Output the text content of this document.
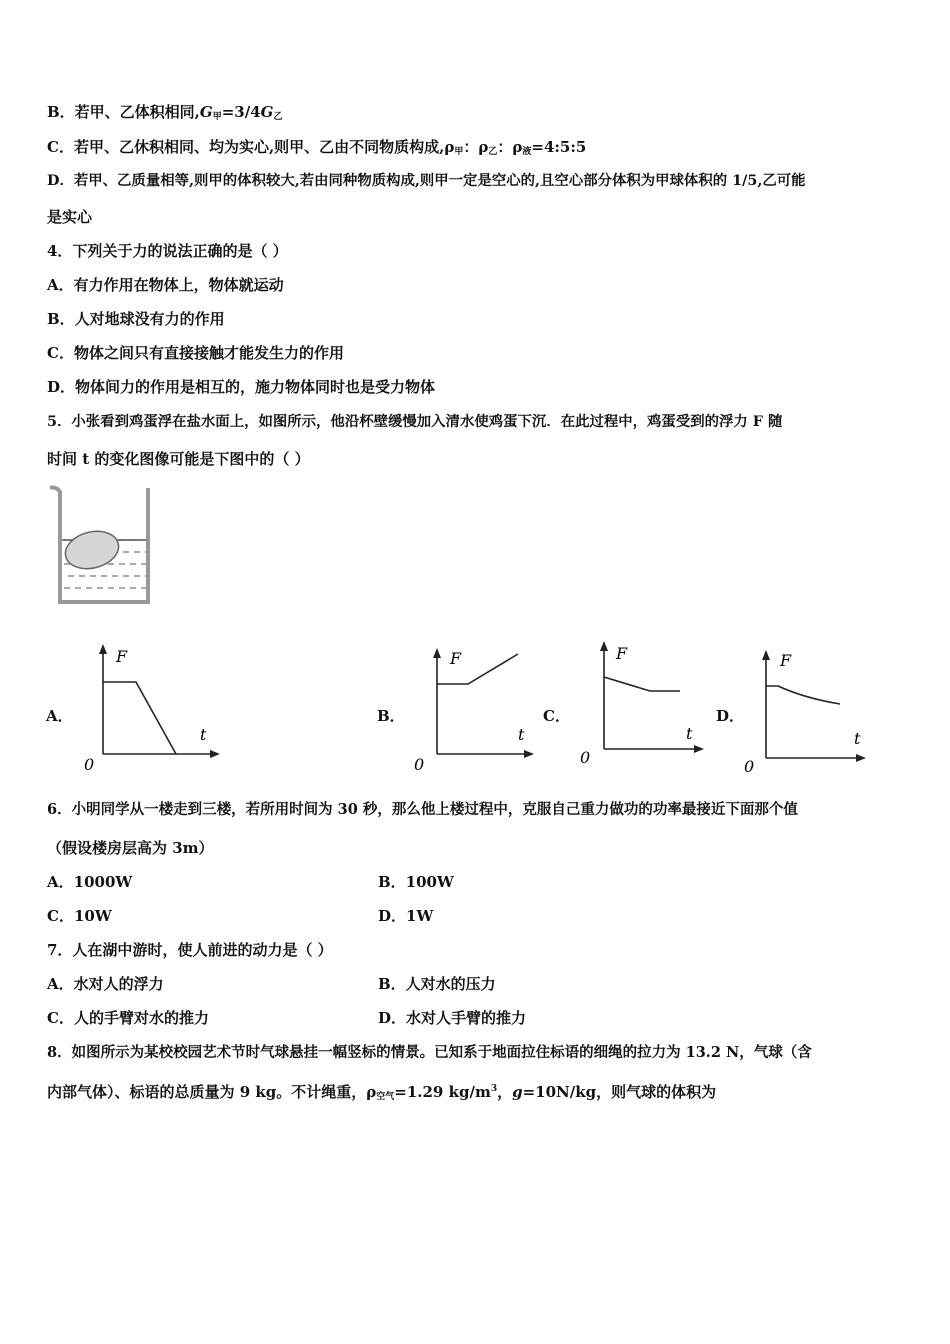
B．若甲、乙体积相同$,G_甲=3/4G_乙$
C．若甲、乙休积相同、均为实心,则甲、乙由不同物质构成$,\rho_甲$：$\rho_乙$：$\rho_液=4:5:5$
D．若甲、乙质量相等,则甲的体积较大,若由同种物质构成,则甲一定是空心的,且空心部分体积为甲球体积的 1/5,乙可能
是实心
4．下列关于力的说法正确的是（ ）
A．有力作用在物体上，物体就运动
B．人对地球没有力的作用
C．物体之间只有直接接触才能发生力的作用
D．物体间力的作用是相互的，施力物体同时也是受力物体
5．小张看到鸡蛋浮在盐水面上，如图所示，他沿杯壁缓慢加入清水使鸡蛋下沉．在此过程中，鸡蛋受到的浮力 F 随
时间 t 的变化图像可能是下图中的（ ）
A．
F
t
0
B．
F
t
0
C．
F
t
0
D．
F
t
0
6．小明同学从一楼走到三楼，若所用时间为 30 秒，那么他上楼过程中，克服自己重力做功的功率最接近下面那个值
（假设楼房层高为 3m）
A．1000W	B．100W
C．10W	D．1W
7．人在湖中游时，使人前进的动力是（ ）
A．水对人的浮力	B．人对水的压力
C．人的手臂对水的推力	D．水对人手臂的推力
8．如图所示为某校校园艺术节时气球悬挂一幅竖标的情景。已知系于地面拉住标语的细绳的拉力为 13.2 N，气球（含
内部气体）、标语的总质量为 9 kg。不计绳重，$\rho_{空气}=1.29$ $kg/m^3$，g=10N/kg，则气球的体积为
